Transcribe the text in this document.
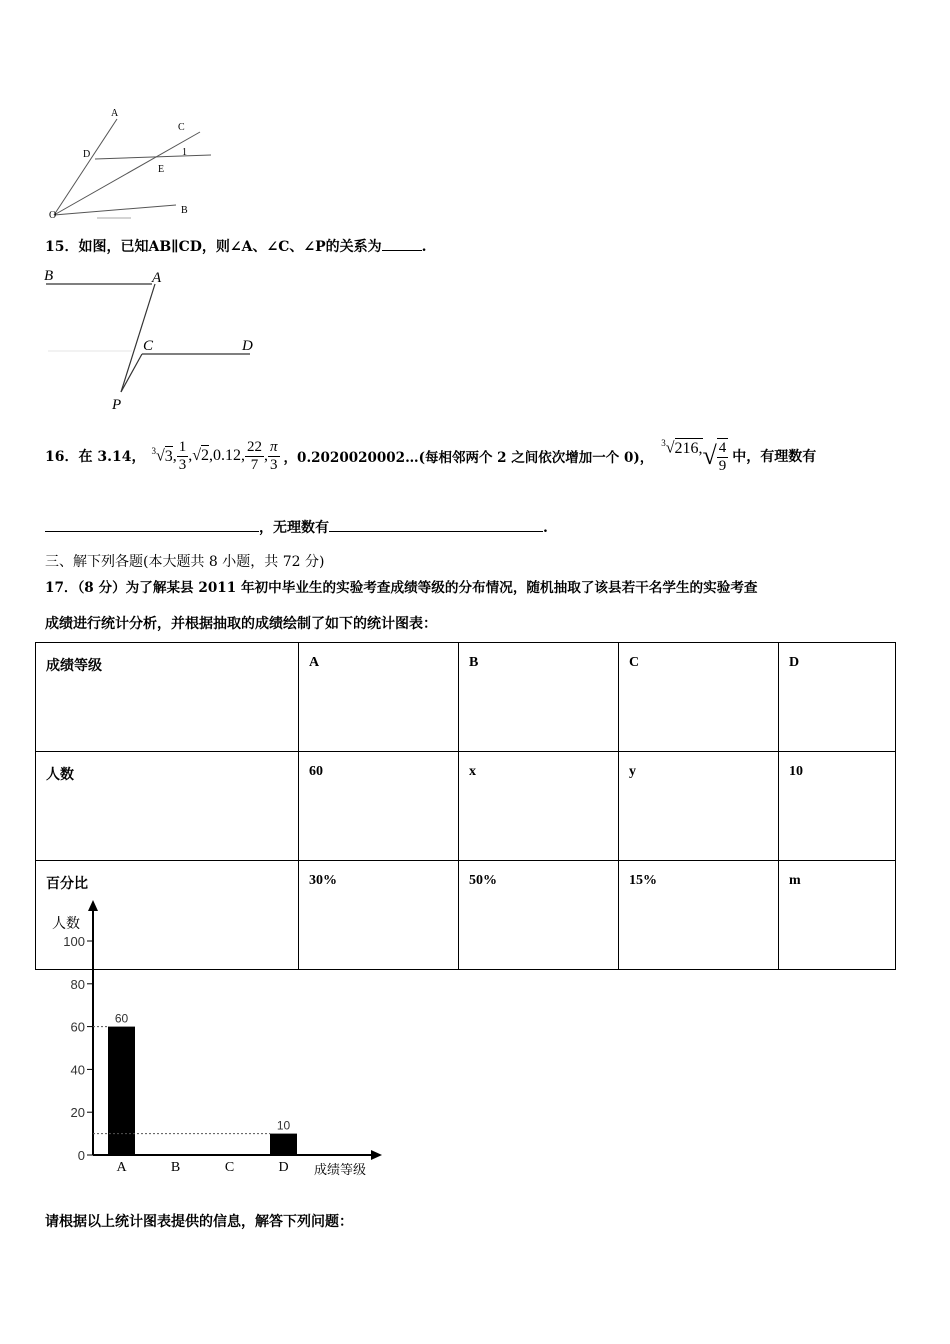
A
C
D	1
E
O	B
15．如图，已知AB∥CD，则∠A、∠C、∠P的关系为	.
B	A
C	D
P
16．在 3.14， $^3$√3, $\frac{1}{3} ,√2,0.12$, $\frac{22}{7}$ , $\frac{\pi}{3}$ ，0.2020020002…(每相邻两个 2 之间依次增加一个 0)，
$^3$√216, √ $\frac{4}{9}$ 中，有理数有
，无理数有	.
三、解下列各题(本大题共 8 小题，共 72 分)
17．（8 分）为了解某县 2011 年初中毕业生的实验考查成绩等级的分布情况，随机抽取了该县若干名学生的实验考查
成绩进行统计分析，并根据抽取的成绩绘制了如下的统计图表：
成绩等级	A	B	C	D
人数	60	x	y	10
百分比	30%	50%	15%	m
人数
成绩等级
0
20
40
60
80
100
60
A	B	C
10
D
请根据以上统计图表提供的信息，解答下列问题：
